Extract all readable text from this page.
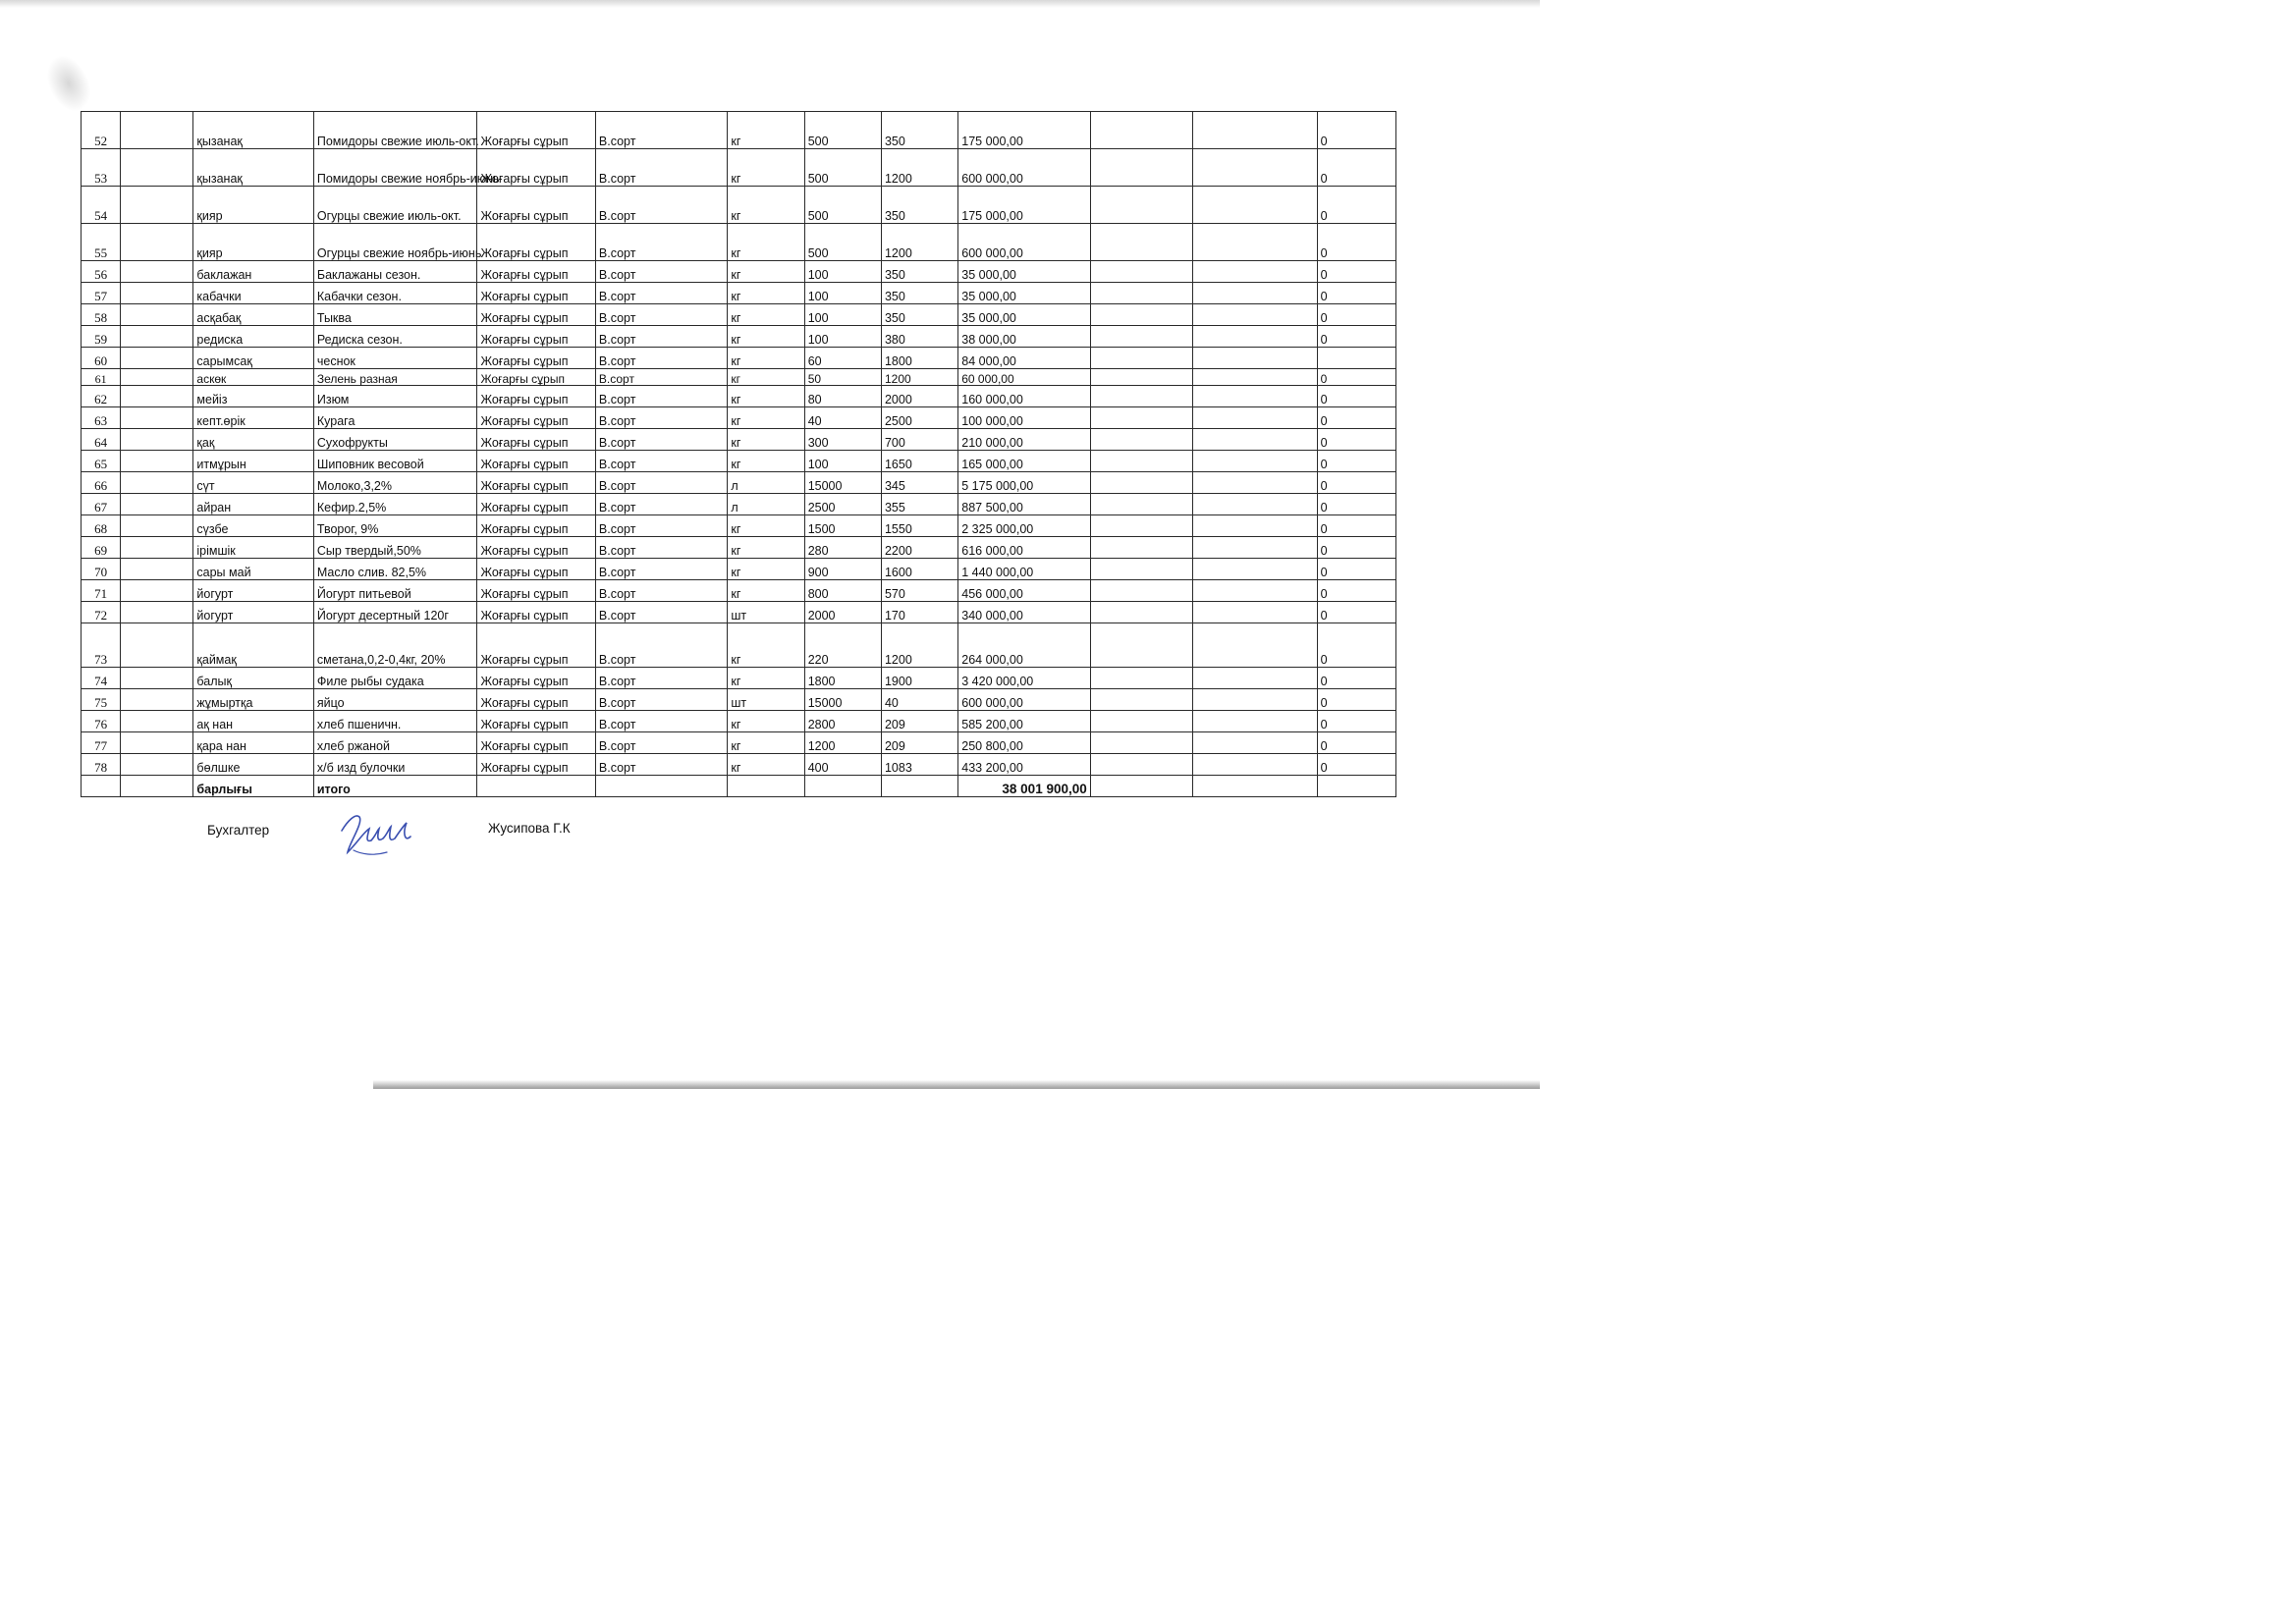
52		қызанақ	Помидоры свежие июль-окт.	Жоғарғы сұрып	В.сорт	кг	500	350	175 000,00				0
53		қызанақ	Помидоры свежие ноябрь-июнь	Жоғарғы сұрып	В.сорт	кг	500	1200	600 000,00				0
54		қияр	Огурцы свежие июль-окт.	Жоғарғы сұрып	В.сорт	кг	500	350	175 000,00				0
55		қияр	Огурцы свежие ноябрь-июнь	Жоғарғы сұрып	В.сорт	кг	500	1200	600 000,00				0
56		баклажан	Баклажаны сезон.	Жоғарғы сұрып	В.сорт	кг	100	350	35 000,00				0
57		кабачки	Кабачки сезон.	Жоғарғы сұрып	В.сорт	кг	100	350	35 000,00				0
58		асқабақ	Тыква	Жоғарғы сұрып	В.сорт	кг	100	350	35 000,00				0
59		редиска	Редиска сезон.	Жоғарғы сұрып	В.сорт	кг	100	380	38 000,00				0
60		сарымсақ	чеснок	Жоғарғы сұрып	В.сорт	кг	60	1800	84 000,00				
61		аскөк	Зелень разная	Жоғарғы сұрып	В.сорт	кг	50	1200	60 000,00				0
62		мейіз	Изюм	Жоғарғы сұрып	В.сорт	кг	80	2000	160 000,00				0
63		кепт.өрік	Курага	Жоғарғы сұрып	В.сорт	кг	40	2500	100 000,00				0
64		қақ	Сухофрукты	Жоғарғы сұрып	В.сорт	кг	300	700	210 000,00				0
65		итмұрын	Шиповник весовой	Жоғарғы сұрып	В.сорт	кг	100	1650	165 000,00				0
66		сүт	Молоко,3,2%	Жоғарғы сұрып	В.сорт	л	15000	345	5 175 000,00				0
67		айран	Кефир.2,5%	Жоғарғы сұрып	В.сорт	л	2500	355	887 500,00				0
68		сүзбе	Творог, 9%	Жоғарғы сұрып	В.сорт	кг	1500	1550	2 325 000,00				0
69		ірімшік	Сыр твердый,50%	Жоғарғы сұрып	В.сорт	кг	280	2200	616 000,00				0
70		сары май	Масло слив. 82,5%	Жоғарғы сұрып	В.сорт	кг	900	1600	1 440 000,00				0
71		йогурт	Йогурт питьевой	Жоғарғы сұрып	В.сорт	кг	800	570	456 000,00				0
72		йогурт	Йогурт десертный 120г	Жоғарғы сұрып	В.сорт	шт	2000	170	340 000,00				0
73		қаймақ	сметана,0,2-0,4кг, 20%	Жоғарғы сұрып	В.сорт	кг	220	1200	264 000,00				0
74		балық	Филе рыбы судака	Жоғарғы сұрып	В.сорт	кг	1800	1900	3 420 000,00				0
75		жұмыртқа	яйцо	Жоғарғы сұрып	В.сорт	шт	15000	40	600 000,00				0
76		ақ нан	хлеб пшеничн.	Жоғарғы сұрып	В.сорт	кг	2800	209	585 200,00				0
77		қара нан	хлеб ржаной	Жоғарғы сұрып	В.сорт	кг	1200	209	250 800,00				0
78		бөлшке	х/б изд булочки	Жоғарғы сұрып	В.сорт	кг	400	1083	433 200,00				0
		барлығы	итого						38 001 900,00				
Бухгалтер	Жусипова Г.К
